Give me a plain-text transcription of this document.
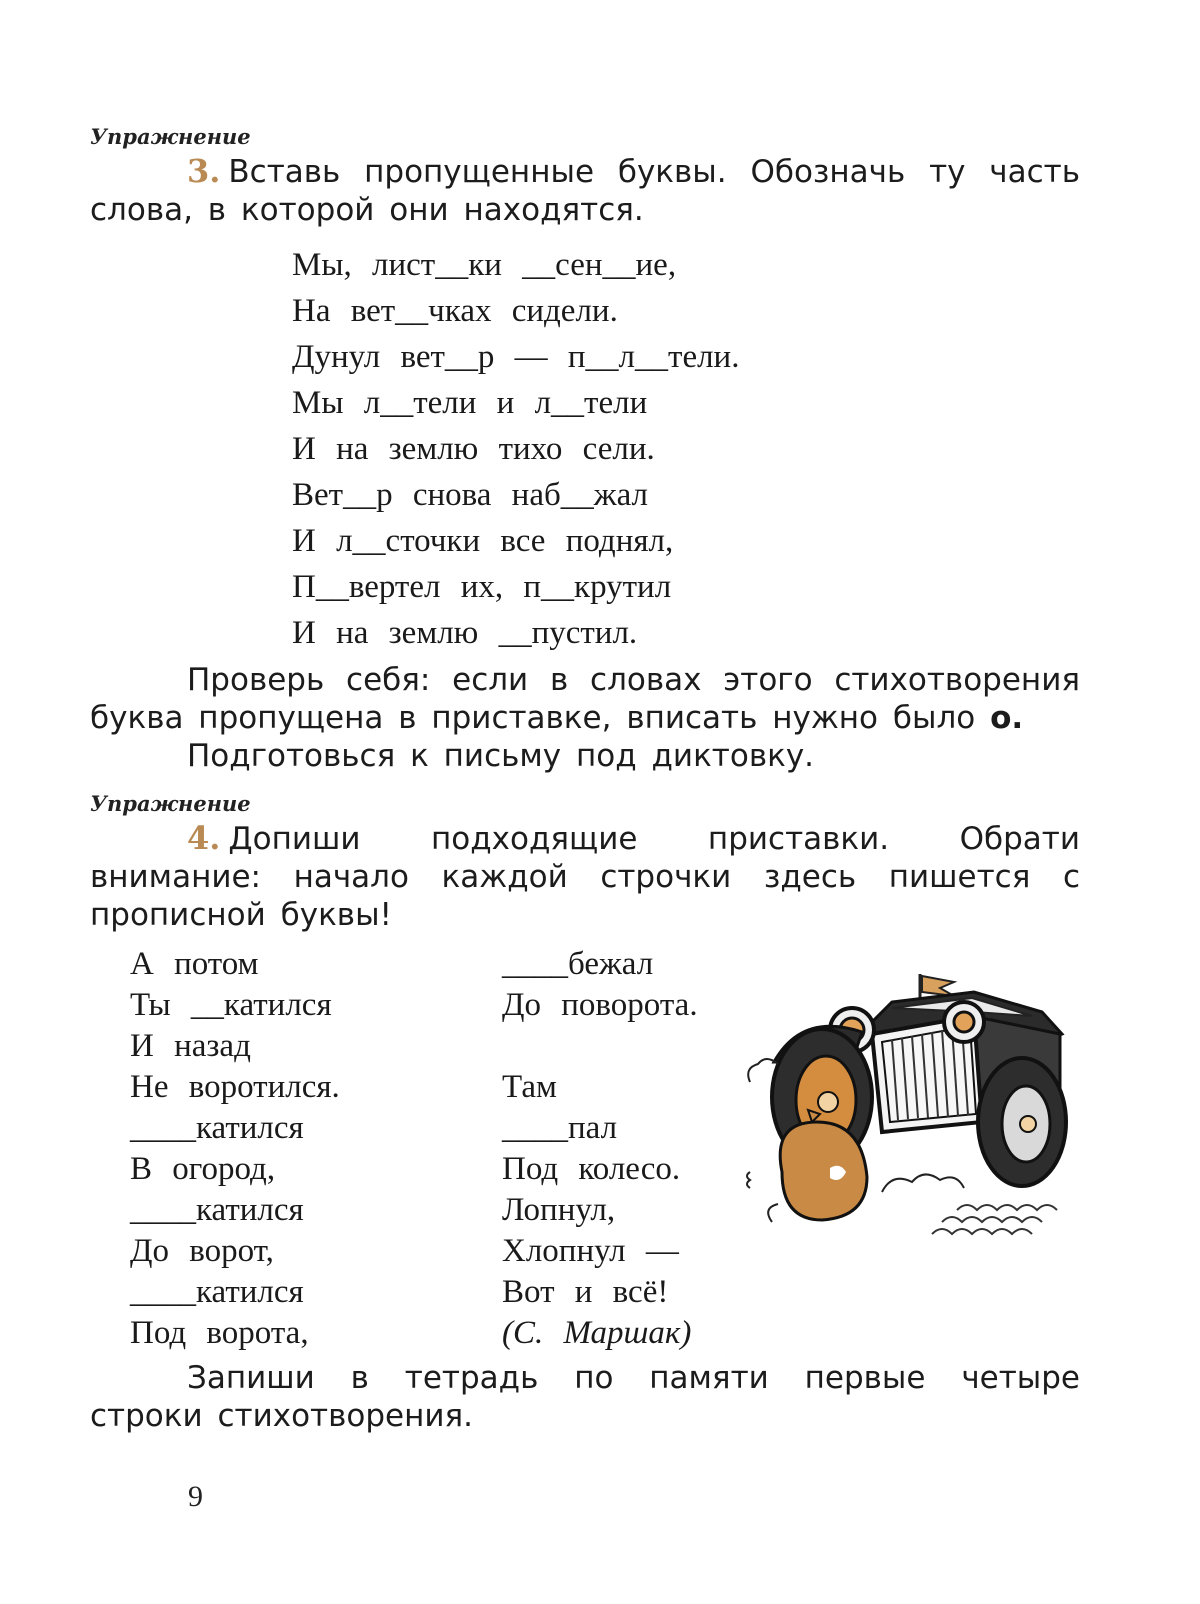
Упражнение
3. Вставь пропущенные буквы. Обозначь ту часть слова, в которой они находятся.
Мы, лист__ки __сен__ие,
На вет__чках сидели.
Дунул вет__р — п__л__тели.
Мы л__тели и л__тели
И на землю тихо сели.
Вет__р снова наб__жал
И л__сточки все поднял,
П__вертел их, п__крутил
И на землю __пустил.
Проверь себя: если в словах этого стихотворения буква пропущена в приставке, вписать нужно было о.
Подготовься к письму под диктовку.
Упражнение
4. Допиши подходящие приставки. Обрати внимание: начало каждой строчки здесь пишется с прописной буквы!
А потом
Ты __катился
И назад
Не воротился.
____катился
В огород,
____катился
До ворот,
____катился
Под ворота,
____бежал
До поворота.
Там
____пал
Под колесо.
Лопнул,
Хлопнул —
Вот и всё!
(С. Маршак)
Запиши в тетрадь по памяти первые четыре строки стихотворения.
9
